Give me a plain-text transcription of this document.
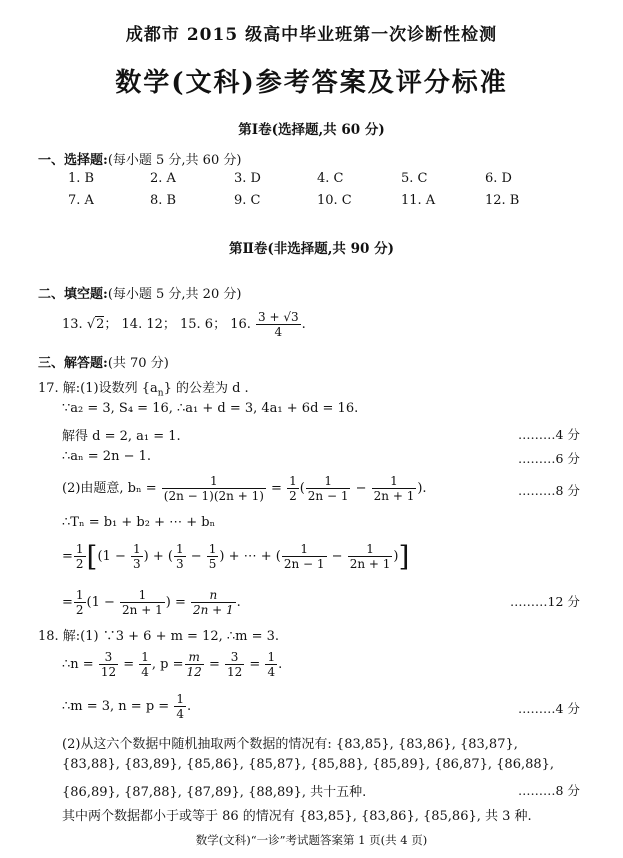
成都市 2015 级高中毕业班第一次诊断性检测
数学(文科)参考答案及评分标准
第Ⅰ卷(选择题,共 60 分)
一、选择题:(每小题 5 分,共 60 分)
1. B	2. A	3. D	4. C	5. C	6. D
7. A	8. B	9. C	10. C	11. A	12. B
第Ⅱ卷(非选择题,共 90 分)
二、填空题:(每小题 5 分,共 20 分)
13. √2； 14. 12； 15. 6； 16. $\frac{3 + √3}{4}$ .
三、解答题:(共 70 分)
17. 解:(1)设数列 $\{a_n\}$ 的公差为 d .
∵a₂ = 3, S₄ = 16, ∴a₁ + d = 3, 4a₁ + 6d = 16.
解得 d = 2, a₁ = 1.	………4 分
∴aₙ = 2n − 1.	………6 分
(2)由题意, $b_n = \frac{1}{(2n - 1)(2n + 1)} = \frac{1}{2}$ ( $\frac{1}{2n - 1} - \frac{1}{2n + 1}$ ).	………8 分
∴Tₙ = b₁ + b₂ + ⋯ + bₙ
= $\frac{1}{2} [(1 - \frac{1}{3}$ ) + ( $\frac{1}{3} - \frac{1}{5}$ ) + ⋯ + ( $\frac{1}{2n - 1} - \frac{1}{2n + 1}$ )]
= $\frac{1}{2} (1 - \frac{1}{2n + 1}$ ) = $\frac{n}{2n + 1}$ .	………12 分
18. 解:(1) ∵3 + 6 + m = 12, ∴m = 3.
∴n = $\frac{3}{12} = \frac{1}{4}$ , $p = \frac{m}{12} = \frac{3}{12} = \frac{1}{4}$ .
∴m = 3, $n = p = \frac{1}{4}$ .	………4 分
(2)从这六个数据中随机抽取两个数据的情况有: {83,85}, {83,86}, {83,87},
{83,88}, {83,89}, {85,86}, {85,87}, {85,88}, {85,89}, {86,87}, {86,88},
{86,89}, {87,88}, {87,89}, {88,89}, 共十五种.	………8 分
其中两个数据都小于或等于 86 的情况有 {83,85}, {83,86}, {85,86}, 共 3 种.
数学(文科)“一诊”考试题答案第 1 页(共 4 页)
